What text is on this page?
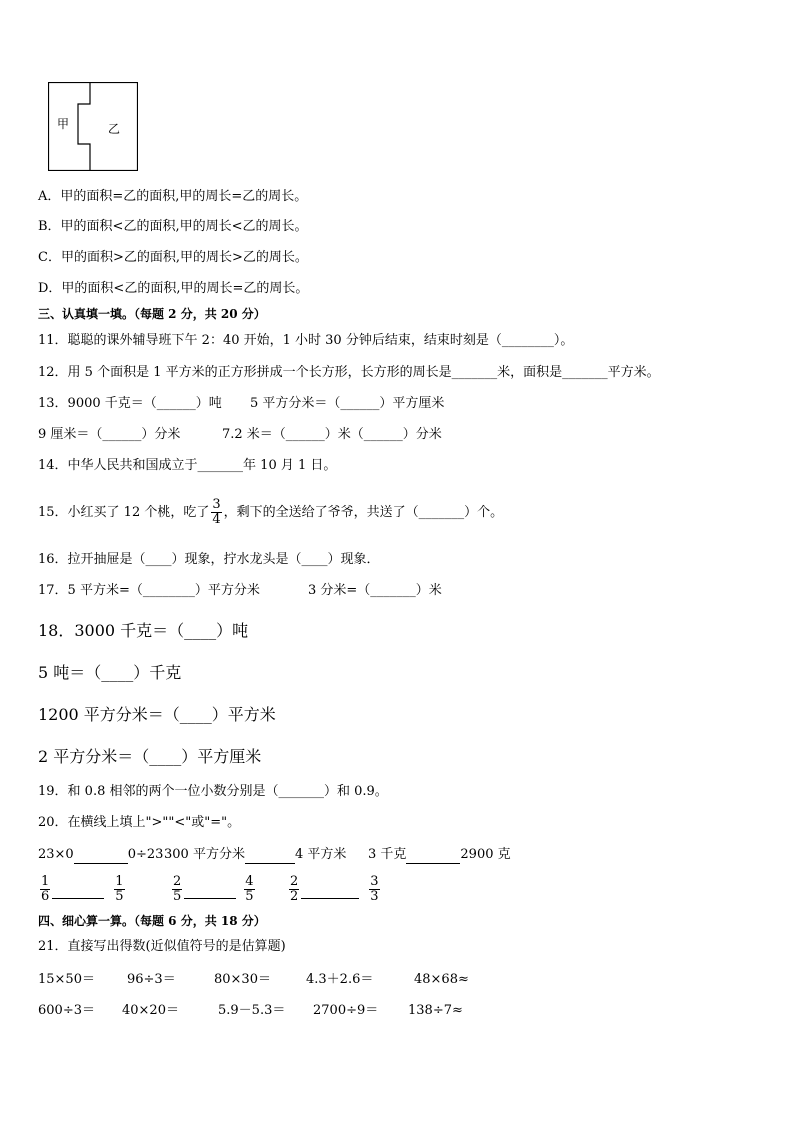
甲	乙
A．甲的面积=乙的面积,甲的周长=乙的周长。
B．甲的面积<乙的面积,甲的周长<乙的周长。
C．甲的面积>乙的面积,甲的周长>乙的周长。
D．甲的面积<乙的面积,甲的周长=乙的周长。
三、认真填一填。（每题 2 分，共 20 分）
11．聪聪的课外辅导班下午 2：40 开始，1 小时 30 分钟后结束，结束时刻是（________）。
12．用 5 个面积是 1 平方米的正方形拼成一个长方形，长方形的周长是_______米，面积是_______平方米。
13．9000 千克＝（______）吨 5 平方分米＝（______）平方厘米
9 厘米＝（______）分米	7.2 米＝（______）米（______）分米
14．中华人民共和国成立于_______年 10 月 1 日。
15．小红买了 12 个桃，吃了 $\frac{3}{4}$ ，剩下的全送给了爷爷，共送了（_______）个。
16．拉开抽屉是（____）现象，拧水龙头是（____）现象．
17．5 平方米=（________）平方分米	3 分米=（_______）米
18．3000 千克＝（____）吨
5 吨＝（____）千克
1200 平方分米＝（____）平方米
2 平方分米＝（____）平方厘米
19．和 0.8 相邻的两个一位小数分别是（_______）和 0.9。
20．在横线上填上">""<"或"="。
23×0	0÷23 300 平方分米	4 平方米 3 千克	2900 克
$\frac{1}{6}$	$\frac{1}{5}$	$\frac{2}{5}$	$\frac{4}{5}$	$\frac{2}{2}$	$\frac{3}{3}$
四、细心算一算。（每题 6 分，共 18 分）
21．直接写出得数(近似值符号的是估算题)
15×50＝ 96÷3＝	80×30＝	4.3＋2.6＝	48×68≈
600÷3＝ 40×20＝	5.9－5.3＝ 2700÷9＝ 138÷7≈
